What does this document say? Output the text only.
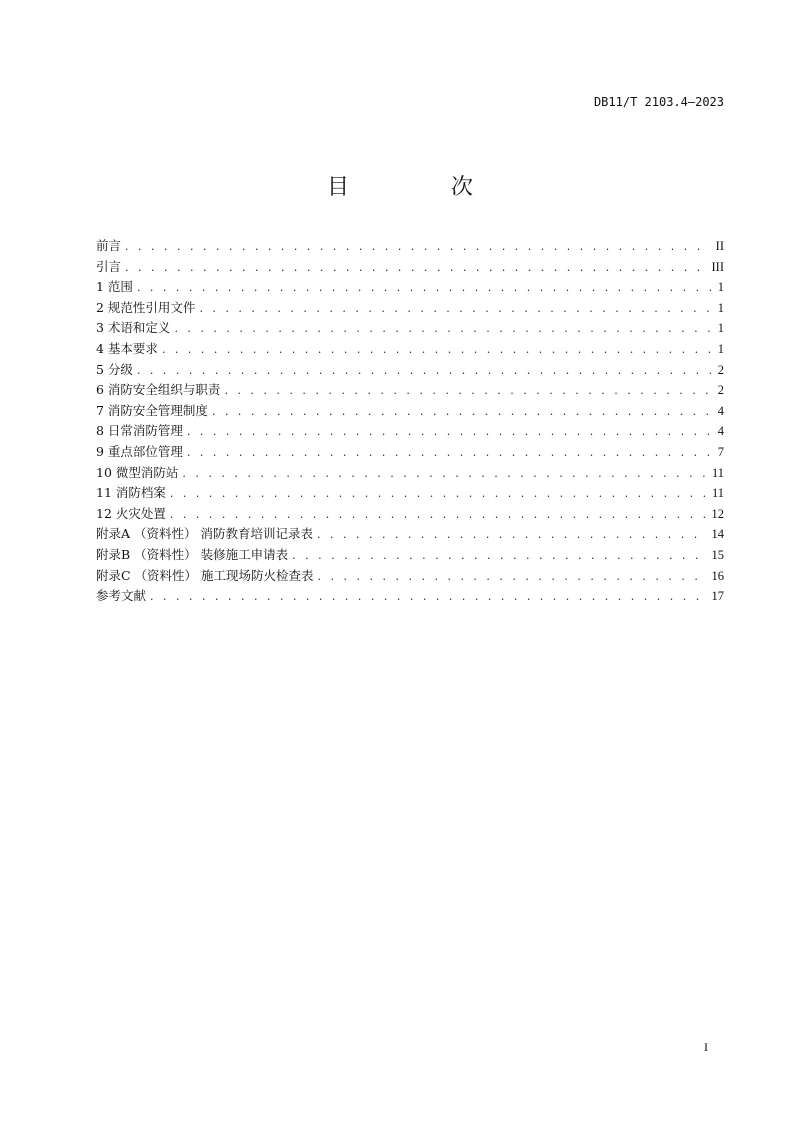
DB11/T 2103.4—2023
目　次
前言 . . .	II
引言 . . .	III
1 范围 . . .	1
2 规范性引用文件 . . .	1
3 术语和定义 . . .	1
4 基本要求 . . .	1
5 分级 . . .	2
6 消防安全组织与职责 . . .	2
7 消防安全管理制度 . . .	4
8 日常消防管理 . . .	4
9 重点部位管理 . . .	7
10 微型消防站 . . .	11
11 消防档案 . . .	11
12 火灾处置 . . .	12
附录A （资料性） 消防教育培训记录表 . . .	14
附录B （资料性） 装修施工申请表 . . .	15
附录C （资料性） 施工现场防火检查表 . . .	16
参考文献 . . .	17
I
